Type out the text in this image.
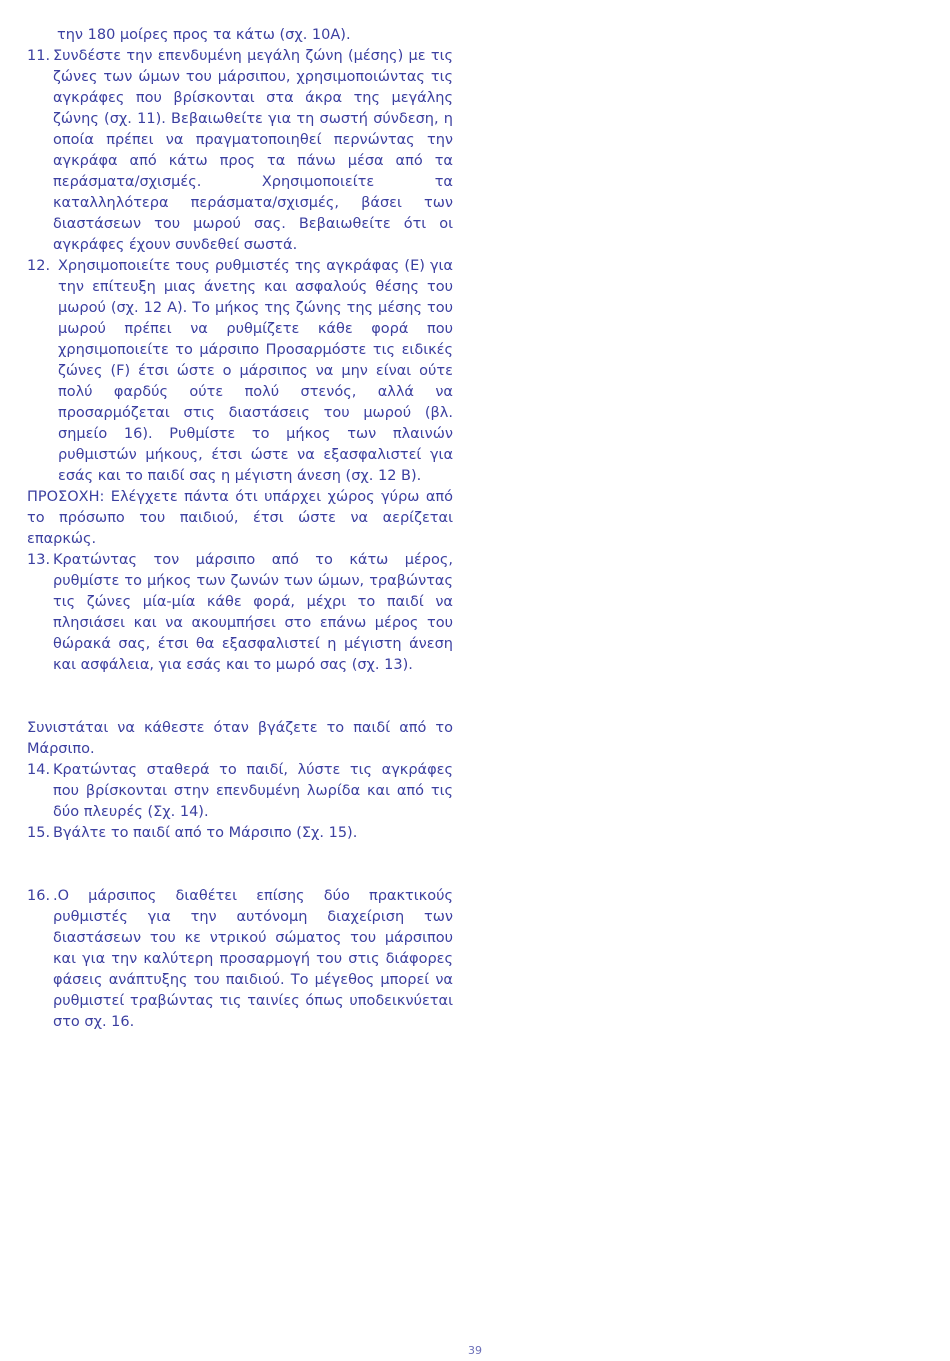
την 180 μοίρες προς τα κάτω (σχ. 10Α).

11. Συνδέστε την επενδυμένη μεγάλη ζώνη (μέσης) με τις ζώνες των ώμων του μάρσιπου, χρησιμοποιώντας τις αγκράφες που βρίσκονται στα άκρα της μεγάλης ζώνης (σχ. 11). Βεβαιωθείτε για τη σωστή σύνδεση, η οποία πρέπει να πραγματοποιηθεί περνώντας την αγκράφα από κάτω προς τα πάνω μέσα από τα περάσματα/σχισμές. Χρησιμοποιείτε τα καταλληλότερα περάσματα/σχισμές, βάσει των διαστάσεων του μωρού σας. Βεβαιωθείτε ότι οι αγκράφες έχουν συνδεθεί σωστά.

12. Χρησιμοποιείτε τους ρυθμιστές της αγκράφας (E) για την επίτευξη μιας άνετης και ασφαλούς θέσης του μωρού (σχ. 12 A). Το μήκος της ζώνης της μέσης του μωρού πρέπει να ρυθμίζετε κάθε φορά που χρησιμοποιείτε το μάρσιπο Προσαρμόστε τις ειδικές ζώνες (F) έτσι ώστε ο μάρσιπος να μην είναι ούτε πολύ φαρδύς ούτε πολύ στενός, αλλά να προσαρμόζεται στις διαστάσεις του μωρού (βλ. σημείο 16). Ρυθμίστε το μήκος των πλαινών ρυθμιστών μήκους, έτσι ώστε να εξασφαλιστεί για εσάς και το παιδί σας η μέγιστη άνεση (σχ. 12 B).

ΠΡΟΣΟΧΗ: Ελέγχετε πάντα ότι υπάρχει χώρος γύρω από το πρόσωπο του παιδιού, έτσι ώστε να αερίζεται επαρκώς.

13. Κρατώντας τον μάρσιπο από το κάτω μέρος, ρυθμίστε το μήκος των ζωνών των ώμων, τραβώντας τις ζώνες μία-μία κάθε φορά, μέχρι το παιδί να πλησιάσει και να ακουμπήσει στο επάνω μέρος του θώρακά σας, έτσι θα εξασφαλιστεί η μέγιστη άνεση και ασφάλεια, για εσάς και το μωρό σας (σχ. 13).

Συνιστάται να κάθεστε όταν βγάζετε το παιδί από το Μάρσιπο.

14. Κρατώντας σταθερά το παιδί, λύστε τις αγκράφες που βρίσκονται στην επενδυμένη λωρίδα και από τις δύο πλευρές (Σχ. 14).

15. Βγάλτε το παιδί από το Μάρσιπο (Σχ. 15).

16. .Ο μάρσιπος διαθέτει επίσης δύο πρακτικούς ρυθμιστές για την αυτόνομη διαχείριση των διαστάσεων του κε ντρικού σώματος του μάρσιπου και για την καλύτερη προσαρμογή του στις διάφορες φάσεις ανάπτυξης του παιδιού. Το μέγεθος μπορεί να ρυθμιστεί τραβώντας τις ταινίες όπως υποδεικνύεται στο σχ. 16.

39
